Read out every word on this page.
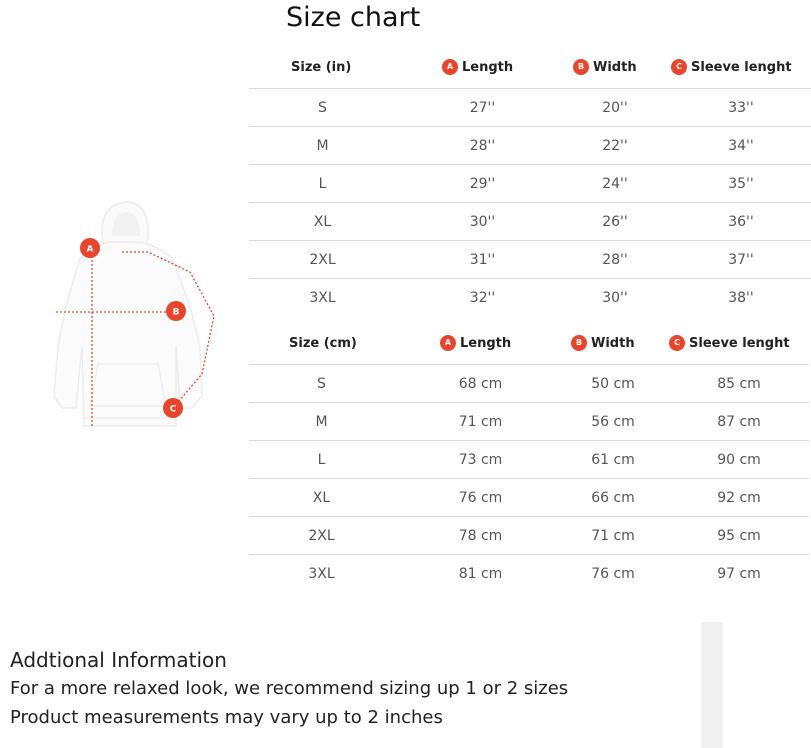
Size chart
A
B
C
Size (in)	A Length	B Width	C Sleeve lenght
S	27''	20''	33''
M	28''	22''	34''
L	29''	24''	35''
XL	30''	26''	36''
2XL	31''	28''	37''
3XL	32''	30''	38''
Size (cm)	A Length	B Width	C Sleeve lenght
S	68 cm	50 cm	85 cm
M	71 cm	56 cm	87 cm
L	73 cm	61 cm	90 cm
XL	76 cm	66 cm	92 cm
2XL	78 cm	71 cm	95 cm
3XL	81 cm	76 cm	97 cm
Addtional Information

For a more relaxed look, we recommend sizing up 1 or 2 sizes

Product measurements may vary up to 2 inches
